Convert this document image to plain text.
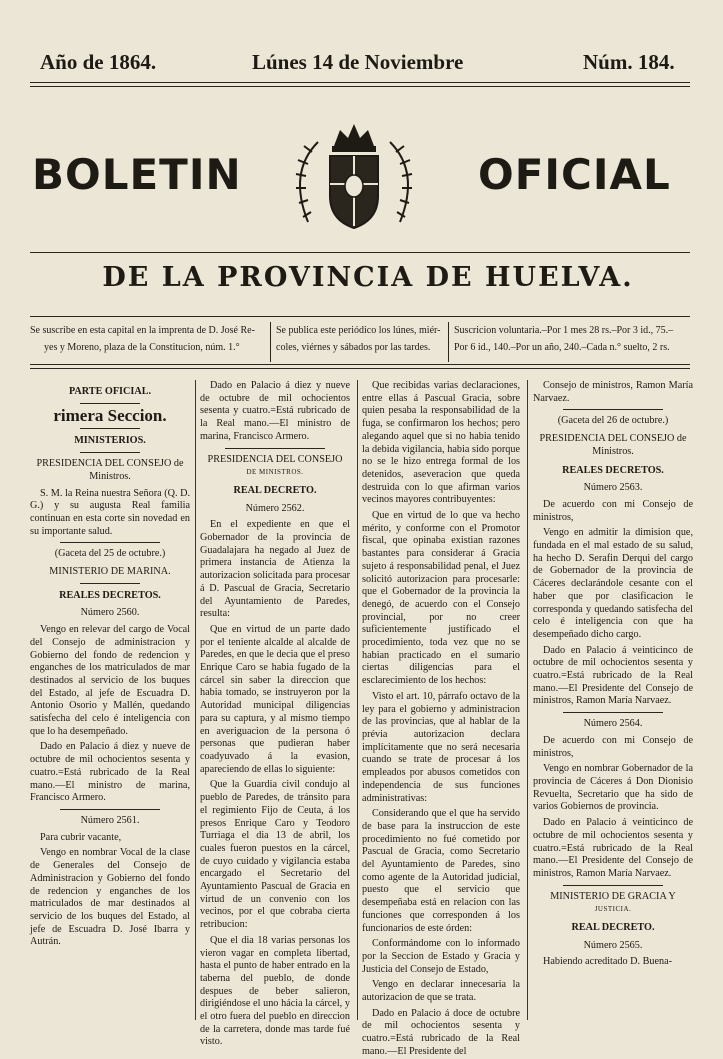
Año de 1864.	Lúnes 14 de Noviembre	Núm. 184.
BOLETIN	OFICIAL
DE LA PROVINCIA DE HUELVA.
Se suscribe en esta capital en la imprenta de D. José Re-
yes y Moreno, plaza de la Constitucion, núm. 1.°
Se publica este periódico los lúnes, miér-
coles, viérnes y sábados por las tardes.
Suscricion voluntaria.–Por 1 mes 28 rs.–Por 3 id., 75.–
Por 6 id., 140.–Por un año, 240.–Cada n.° suelto, 2 rs.

PARTE OFICIAL.

rimera Seccion.

MINISTERIOS.

PRESIDENCIA DEL CONSEJO de Ministros.

S. M. la Reina nuestra Señora (Q. D. G.) y su augusta Real familia continuan en esta corte sin novedad en su importante salud.

(Gaceta del 25 de octubre.)

MINISTERIO DE MARINA.

REALES DECRETOS.

Número 2560.

Vengo en relevar del cargo de Vocal del Consejo de administracion y Gobierno del fondo de redencion y enganches de los matriculados de mar destinados al servicio de los buques del Estado, al jefe de Escuadra D. Antonio Osorio y Mallén, quedando satisfecha del celo é inteligencia con que lo ha desempeñado.

Dado en Palacio á diez y nueve de octubre de mil ochocientos sesenta y cuatro.=Está rubricado de la Real mano.—El ministro de marina, Francisco Armero.

Número 2561.

Para cubrir vacante,

Vengo en nombrar Vocal de la clase de Generales del Consejo de Administracion y Gobierno del fondo de redencion y enganches de los matriculados de mar destinados al servicio de los buques del Estado, al jefe de Escuadra D. José Ibarra y Autrán.

Dado en Palacio á diez y nueve de octubre de mil ochocientos sesenta y cuatro.=Está rubricado de la Real mano.—El ministro de marina, Francisco Armero.

PRESIDENCIA DEL CONSEJO

DE MINISTROS.

REAL DECRETO.

Número 2562.

En el expediente en que el Gobernador de la provincia de Guadalajara ha negado al Juez de primera instancia de Atienza la autorizacion solicitada para procesar á D. Pascual de Gracia, Secretario del Ayuntamiento de Paredes, resulta:

Que en virtud de un parte dado por el teniente alcalde al alcalde de Paredes, en que le decia que el preso Enrique Caro se habia fugado de la cárcel sin saber la direccion que habia tomado, se instruyeron por la Autoridad municipal diligencias para su captura, y al mismo tiempo en averiguacion de la persona ó personas que pudieran haber coadyuvado á la evasion, apareciendo de ellas lo siguiente:

Que la Guardia civil condujo al pueblo de Paredes, de tránsito para el regimiento Fijo de Ceuta, á los presos Enrique Caro y Teodoro Turriaga el dia 13 de abril, los cuales fueron puestos en la cárcel, de cuyo cuidado y vigilancia estaba encargado el Secretario del Ayuntamiento Pascual de Gracia en virtud de un convenio con los vecinos, por el que cobraba cierta retribucion:

Que el dia 18 varias personas los vieron vagar en completa libertad, hasta el punto de haber entrado en la taberna del pueblo, de donde despues de beber salieron, dirigiéndose el uno hácia la cárcel, y el otro fuera del pueblo en direccion de la carretera, donde mas tarde fué visto.

Que recibidas varias declaraciones, entre ellas á Pascual Gracia, sobre quien pesaba la responsabilidad de la fuga, se confirmaron los hechos; pero alegando aquel que si no habia tenido la debida vigilancia, habia sido porque no se le hizo entrega formal de los detenidos, aseveracion que queda destruida con lo que afirman varios vecinos mayores contribuyentes:

Que en virtud de lo que va hecho mérito, y conforme con el Promotor fiscal, que opinaba existian razones bastantes para considerar á Gracia sujeto á responsabilidad penal, el Juez solicitó autorizacion para procesarle: que el Gobernador de la provincia la denegó, de acuerdo con el Consejo provincial, por no creer suficientemente justificado el procedimiento, toda vez que no se habian practicado en el sumario ciertas diligencias para el esclarecimiento de los hechos:

Visto el art. 10, párrafo octavo de la ley para el gobierno y administracion de las provincias, que al hablar de la prévia autorizacion declara implícitamente que no será necesaria cuando se trate de procesar á los empleados por abusos cometidos con independencia de sus funciones administrativas:

Considerando que el que ha servido de base para la instruccion de este procedimiento no fué cometido por Pascual de Gracia, como Secretario del Ayuntamiento de Paredes, sino como agente de la Autoridad judicial, puesto que el servicio que desempeñaba está en relacion con las funciones que corresponden á los funcionarios de este órden:

Conformándome con lo informado por la Seccion de Estado y Gracia y Justicia del Consejo de Estado,

Vengo en declarar innecesaria la autorizacion de que se trata.

Dado en Palacio á doce de octubre de mil ochocientos sesenta y cuatro.=Está rubricado de la Real mano.—El Presidente del

Consejo de ministros, Ramon María Narvaez.

(Gaceta del 26 de octubre.)

PRESIDENCIA DEL CONSEJO de Ministros.

REALES DECRETOS.

Número 2563.

De acuerdo con mi Consejo de ministros,

Vengo en admitir la dimision que, fundada en el mal estado de su salud, ha hecho D. Serafin Derqui del cargo de Gobernador de la provincia de Cáceres declarándole cesante con el haber que por clasificacion le corresponda y quedando satisfecha del celo é inteligencia con que ha desempeñado dicho cargo.

Dado en Palacio á veinticinco de octubre de mil ochocientos sesenta y cuatro.=Está rubricado de la Real mano.—El Presidente del Consejo de ministros, Ramon María Narvaez.

Número 2564.

De acuerdo con mi Consejo de ministros,

Vengo en nombrar Gobernador de la provincia de Cáceres á Don Dionisio Revuelta, Secretario que ha sido de varios Gobiernos de provincia.

Dado en Palacio á veinticinco de octubre de mil ochocientos sesenta y cuatro.=Está rubricado de la Real mano.—El Presidente del Consejo de ministros, Ramon María Narvaez.

MINISTERIO DE GRACIA Y

JUSTICIA.

REAL DECRETO.

Número 2565.

Habiendo acreditado D. Buena-
